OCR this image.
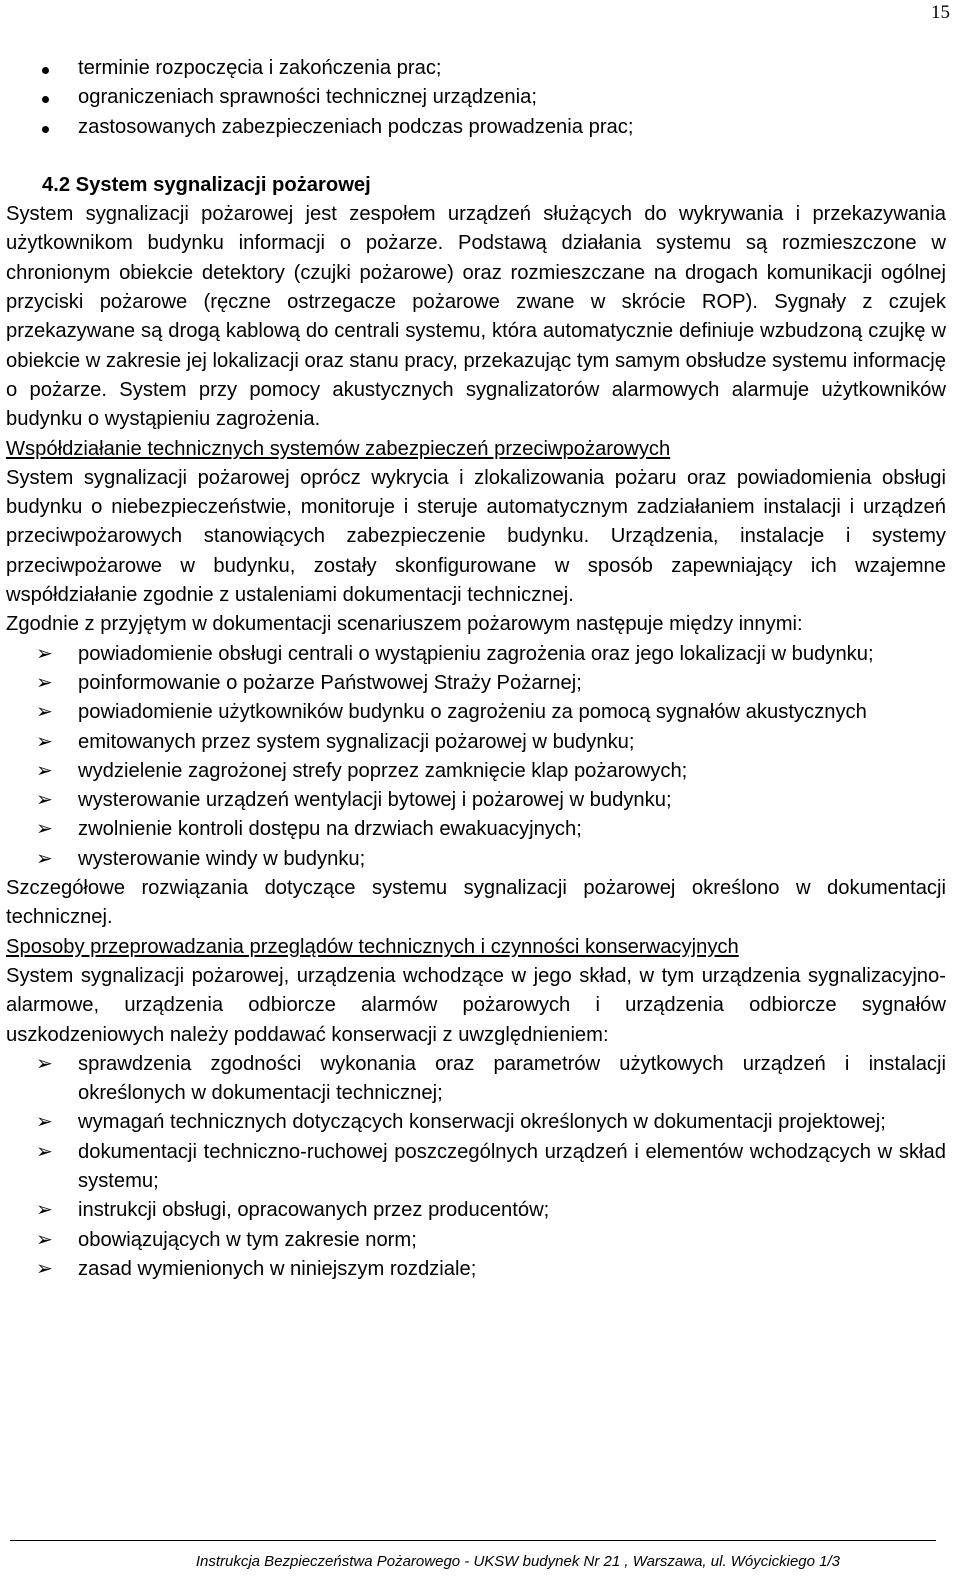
15
terminie rozpoczęcia i zakończenia prac;
ograniczeniach sprawności technicznej urządzenia;
zastosowanych zabezpieczeniach podczas prowadzenia prac;

4.2 System sygnalizacji pożarowej

System sygnalizacji pożarowej jest zespołem urządzeń służących do wykrywania i przekazywania użytkownikom budynku informacji o pożarze. Podstawą działania systemu są rozmieszczone w chronionym obiekcie detektory (czujki pożarowe) oraz rozmieszczane na drogach komunikacji ogólnej przyciski pożarowe (ręczne ostrzegacze pożarowe zwane w skrócie ROP). Sygnały z czujek przekazywane są drogą kablową do centrali systemu, która automatycznie definiuje wzbudzoną czujkę w obiekcie w zakresie jej lokalizacji oraz stanu pracy, przekazując tym samym obsłudze systemu informację o pożarze. System przy pomocy akustycznych sygnalizatorów alarmowych alarmuje użytkowników budynku o wystąpieniu zagrożenia.

Współdziałanie technicznych systemów zabezpieczeń przeciwpożarowych

System sygnalizacji pożarowej oprócz wykrycia i zlokalizowania pożaru oraz powiadomienia obsługi budynku o niebezpieczeństwie, monitoruje i steruje automatycznym zadziałaniem instalacji i urządzeń przeciwpożarowych stanowiących zabezpieczenie budynku. Urządzenia, instalacje i systemy przeciwpożarowe w budynku, zostały skonfigurowane w sposób zapewniający ich wzajemne współdziałanie zgodnie z ustaleniami dokumentacji technicznej.

Zgodnie z przyjętym w dokumentacji scenariuszem pożarowym następuje między innymi:

➢ powiadomienie obsługi centrali o wystąpieniu zagrożenia oraz jego lokalizacji w budynku;
➢ poinformowanie o pożarze Państwowej Straży Pożarnej;
➢ powiadomienie użytkowników budynku o zagrożeniu za pomocą sygnałów akustycznych
➢ emitowanych przez system sygnalizacji pożarowej w budynku;
➢ wydzielenie zagrożonej strefy poprzez zamknięcie klap pożarowych;
➢ wysterowanie urządzeń wentylacji bytowej i pożarowej w budynku;
➢ zwolnienie kontroli dostępu na drzwiach ewakuacyjnych;
➢ wysterowanie windy w budynku;

Szczegółowe rozwiązania dotyczące systemu sygnalizacji pożarowej określono w dokumentacji technicznej.

Sposoby przeprowadzania przeglądów technicznych i czynności konserwacyjnych

System sygnalizacji pożarowej, urządzenia wchodzące w jego skład, w tym urządzenia sygnalizacyjno-alarmowe, urządzenia odbiorcze alarmów pożarowych i urządzenia odbiorcze sygnałów uszkodzeniowych należy poddawać konserwacji z uwzględnieniem:

➢ sprawdzenia zgodności wykonania oraz parametrów użytkowych urządzeń i instalacji określonych w dokumentacji technicznej;
➢ wymagań technicznych dotyczących konserwacji określonych w dokumentacji projektowej;
➢ dokumentacji techniczno-ruchowej poszczególnych urządzeń i elementów wchodzących w skład systemu;
➢ instrukcji obsługi, opracowanych przez producentów;
➢ obowiązujących w tym zakresie norm;
➢ zasad wymienionych w niniejszym rozdziale;
Instrukcja Bezpieczeństwa Pożarowego - UKSW budynek Nr 21 , Warszawa, ul. Wóycickiego 1/3
